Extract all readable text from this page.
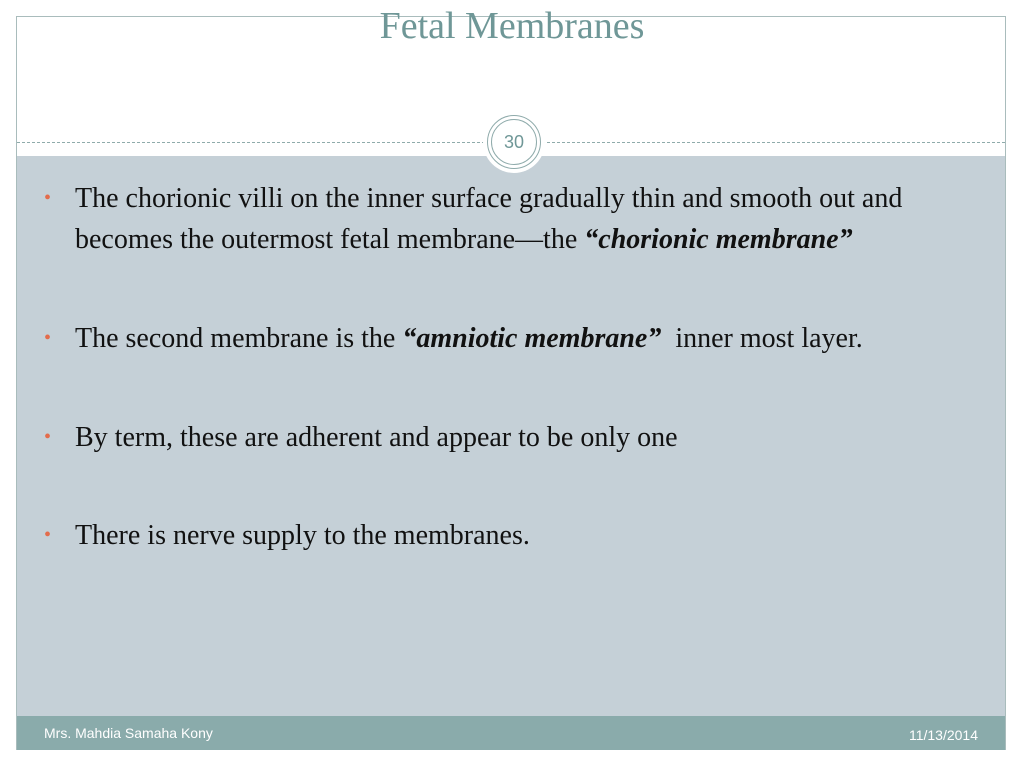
Fetal Membranes
30
• The chorionic villi on the inner surface gradually thin and smooth out and becomes the outermost fetal membrane—the “chorionic membrane”
• The second membrane is the “amniotic membrane”  inner most layer.
• By term, these are adherent and appear to be only one
• There is nerve supply to the membranes.
Mrs. Mahdia Samaha Kony	11/13/2014
